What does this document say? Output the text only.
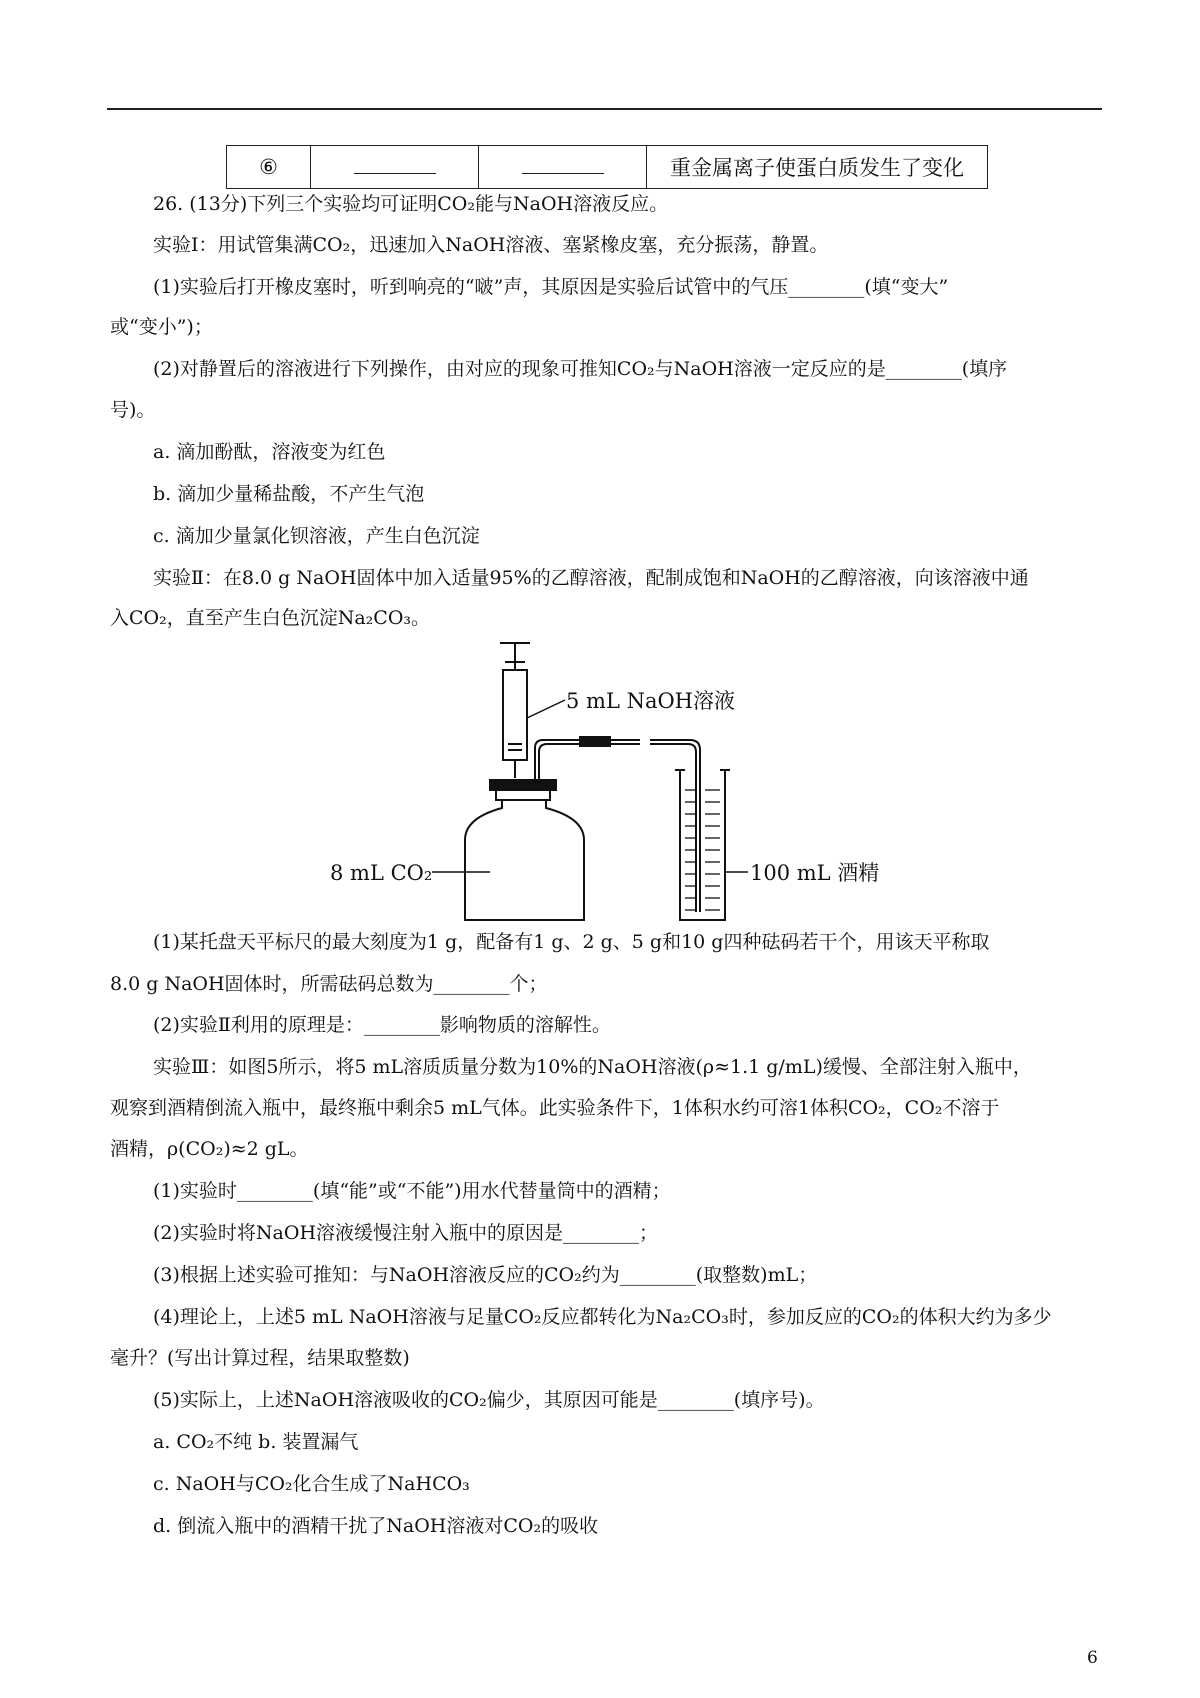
⑥			重金属离子使蛋白质发生了变化
26. (13分)下列三个实验均可证明CO₂能与NaOH溶液反应。
实验Ⅰ：用试管集满CO₂，迅速加入NaOH溶液、塞紧橡皮塞，充分振荡，静置。
(1)实验后打开橡皮塞时，听到响亮的“啵”声，其原因是实验后试管中的气压________(填“变大”
或“变小”)；
(2)对静置后的溶液进行下列操作，由对应的现象可推知CO₂与NaOH溶液一定反应的是________(填序
号)。
a. 滴加酚酞，溶液变为红色
b. 滴加少量稀盐酸，不产生气泡
c. 滴加少量氯化钡溶液，产生白色沉淀
实验Ⅱ：在8.0 g NaOH固体中加入适量95%的乙醇溶液，配制成饱和NaOH的乙醇溶液，向该溶液中通
入CO₂，直至产生白色沉淀Na₂CO₃。
5 mL NaOH溶液
8 mL CO₂	100 mL 酒精
(1)某托盘天平标尺的最大刻度为1 g，配备有1 g、2 g、5 g和10 g四种砝码若干个，用该天平称取
8.0 g NaOH固体时，所需砝码总数为________个；
(2)实验Ⅱ利用的原理是：________影响物质的溶解性。
实验Ⅲ：如图5所示，将5 mL溶质质量分数为10%的NaOH溶液(ρ≈1.1 g/mL)缓慢、全部注射入瓶中，
观察到酒精倒流入瓶中，最终瓶中剩余5 mL气体。此实验条件下，1体积水约可溶1体积CO₂，CO₂不溶于
酒精，ρ(CO₂)≈2 gL。
(1)实验时________(填“能”或“不能”)用水代替量筒中的酒精；
(2)实验时将NaOH溶液缓慢注射入瓶中的原因是________；
(3)根据上述实验可推知：与NaOH溶液反应的CO₂约为________(取整数)mL；
(4)理论上，上述5 mL NaOH溶液与足量CO₂反应都转化为Na₂CO₃时，参加反应的CO₂的体积大约为多少
毫升？(写出计算过程，结果取整数)
(5)实际上，上述NaOH溶液吸收的CO₂偏少，其原因可能是________(填序号)。
a. CO₂不纯 b. 装置漏气
c. NaOH与CO₂化合生成了NaHCO₃
d. 倒流入瓶中的酒精干扰了NaOH溶液对CO₂的吸收
6
